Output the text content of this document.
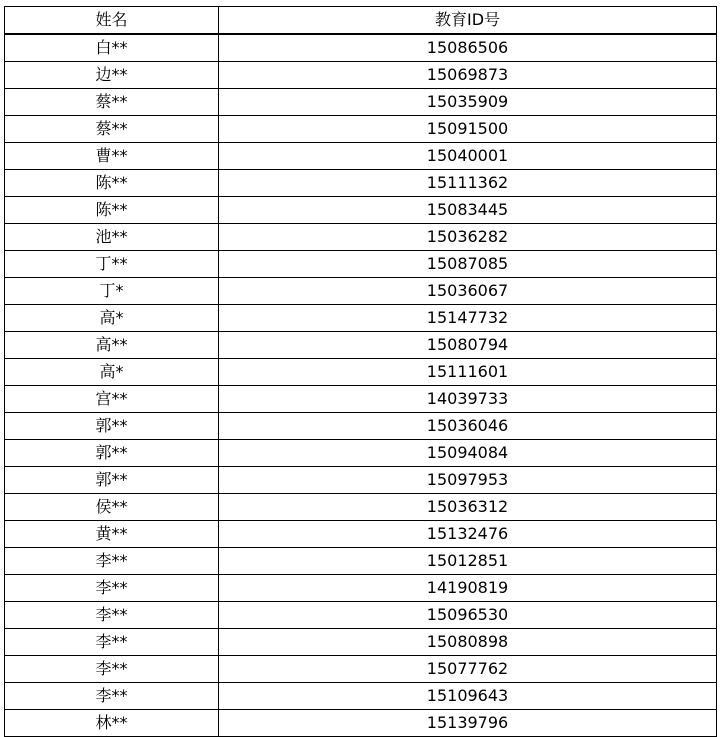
姓名	教育ID号
白**	15086506
边**	15069873
蔡**	15035909
蔡**	15091500
曹**	15040001
陈**	15111362
陈**	15083445
池**	15036282
丁**	15087085
丁*	15036067
高*	15147732
高**	15080794
高*	15111601
宫**	14039733
郭**	15036046
郭**	15094084
郭**	15097953
侯**	15036312
黄**	15132476
李**	15012851
李**	14190819
李**	15096530
李**	15080898
李**	15077762
李**	15109643
林**	15139796
